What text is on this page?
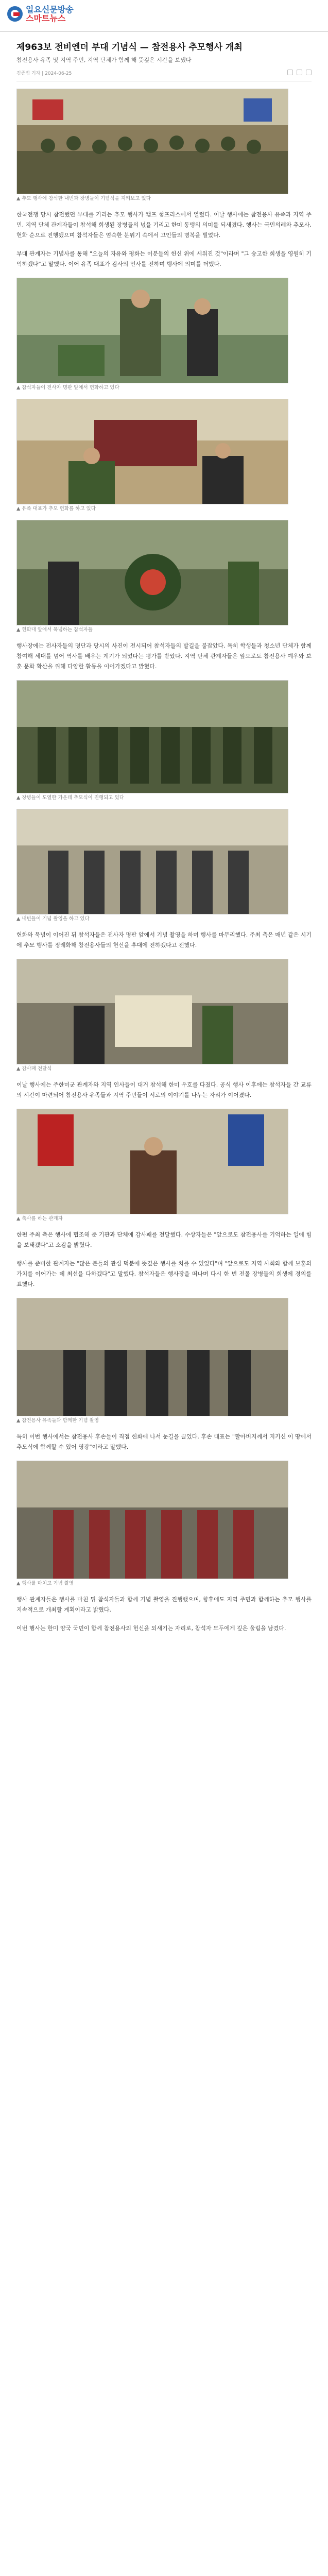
일요신문방송
스마트뉴스
제963보 전비엔더 부대 기념식 — 참전용사 추모행사 개최

참전용사 유족 및 지역 주민, 지역 단체가 함께 해 뜻깊은 시간을 보냈다

김종범 기자 | 2024-06-25

▲ 추모 행사에 참석한 내빈과 장병들이 기념식을 지켜보고 있다

한국전쟁 당시 참전했던 부대를 기리는 추모 행사가 캠프 험프리스에서 열렸다. 이날 행사에는 참전용사 유족과 지역 주민, 지역 단체 관계자들이 참석해 희생된 장병들의 넋을 기리고 한미 동맹의 의미를 되새겼다. 행사는 국민의례와 추모사, 헌화 순으로 진행됐으며 참석자들은 엄숙한 분위기 속에서 고인들의 명복을 빌었다.

부대 관계자는 기념사를 통해 "오늘의 자유와 평화는 이분들의 헌신 위에 세워진 것"이라며 "그 숭고한 희생을 영원히 기억하겠다"고 말했다. 이어 유족 대표가 감사의 인사를 전하며 행사에 의미를 더했다.

▲ 참석자들이 전사자 명판 앞에서 헌화하고 있다

▲ 유족 대표가 추모 헌화를 하고 있다

▲ 헌화대 앞에서 묵념하는 참석자들

행사장에는 전사자들의 명단과 당시의 사진이 전시되어 참석자들의 발길을 붙잡았다. 특히 학생들과 청소년 단체가 함께 참여해 세대를 넘어 역사를 배우는 계기가 되었다는 평가를 받았다. 지역 단체 관계자들은 앞으로도 참전용사 예우와 보훈 문화 확산을 위해 다양한 활동을 이어가겠다고 밝혔다.

▲ 장병들이 도열한 가운데 추모식이 진행되고 있다

▲ 내빈들이 기념 촬영을 하고 있다

헌화와 묵념이 이어진 뒤 참석자들은 전사자 명판 앞에서 기념 촬영을 하며 행사를 마무리했다. 주최 측은 매년 같은 시기에 추모 행사를 정례화해 참전용사들의 헌신을 후대에 전하겠다고 전했다.

▲ 감사패 전달식

이날 행사에는 주한미군 관계자와 지역 인사들이 대거 참석해 한미 우호를 다졌다. 공식 행사 이후에는 참석자들 간 교류의 시간이 마련되어 참전용사 유족들과 지역 주민들이 서로의 이야기를 나누는 자리가 이어졌다.

▲ 축사를 하는 관계자

한편 주최 측은 행사에 협조해 준 기관과 단체에 감사패를 전달했다. 수상자들은 "앞으로도 참전용사를 기억하는 일에 힘을 보태겠다"고 소감을 밝혔다.

행사를 준비한 관계자는 "많은 분들의 관심 덕분에 뜻깊은 행사를 치를 수 있었다"며 "앞으로도 지역 사회와 함께 보훈의 가치를 이어가는 데 최선을 다하겠다"고 말했다. 참석자들은 행사장을 떠나며 다시 한 번 전몰 장병들의 희생에 경의를 표했다.

▲ 참전용사 유족들과 함께한 기념 촬영

특히 이번 행사에서는 참전용사 후손들이 직접 헌화에 나서 눈길을 끌었다. 후손 대표는 "할아버지께서 지키신 이 땅에서 추모식에 함께할 수 있어 영광"이라고 말했다.

▲ 행사를 마치고 기념 촬영

행사 관계자들은 행사를 마친 뒤 참석자들과 함께 기념 촬영을 진행했으며, 향후에도 지역 주민과 함께하는 추모 행사를 지속적으로 개최할 계획이라고 밝혔다.

이번 행사는 한미 양국 국민이 함께 참전용사의 헌신을 되새기는 자리로, 참석자 모두에게 깊은 울림을 남겼다.
